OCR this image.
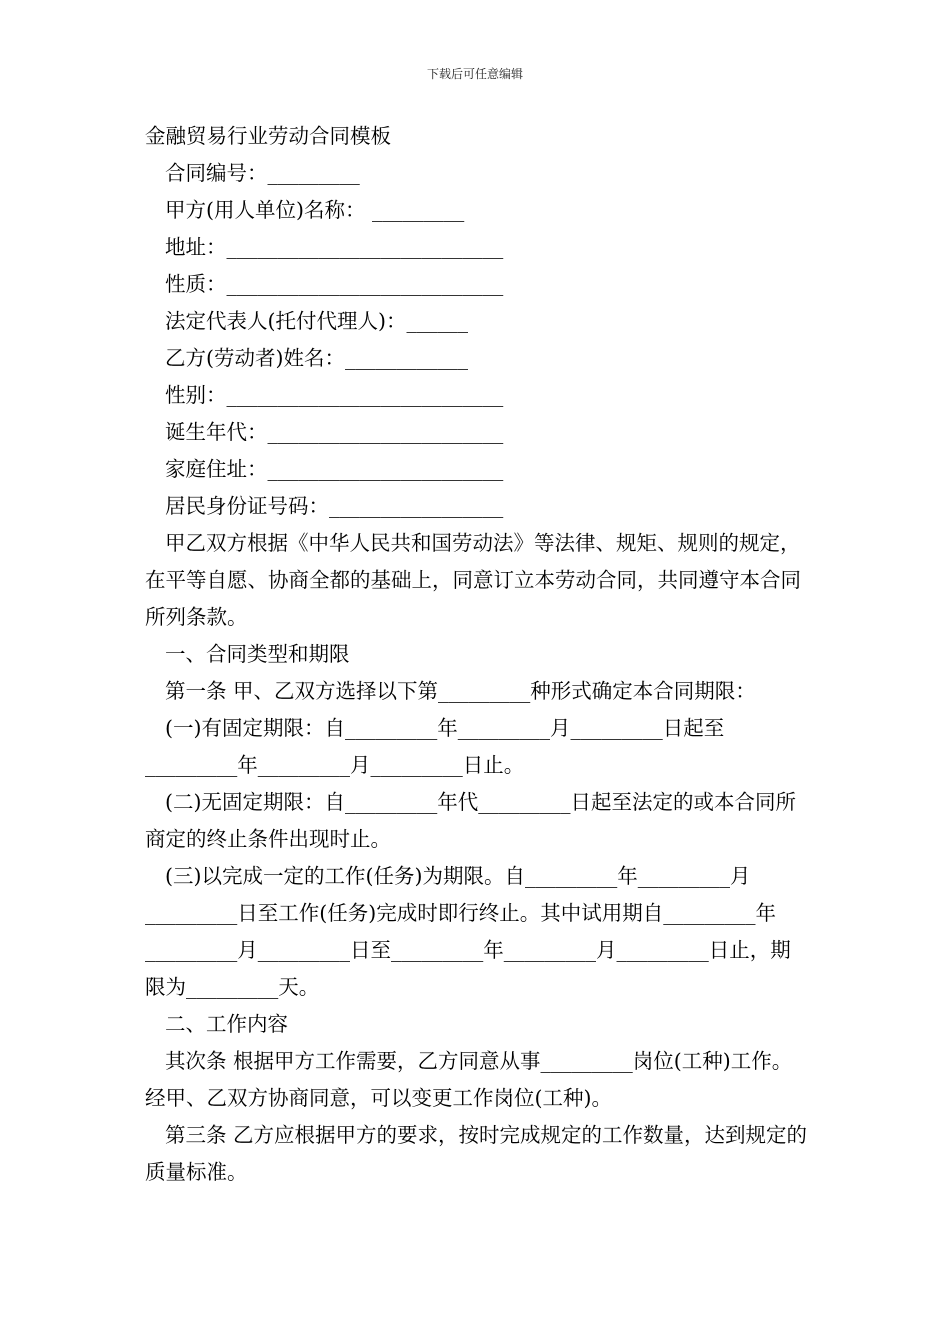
下载后可任意编辑

金融贸易行业劳动合同模板

合同编号：_________

甲方(用人单位)名称： _________

地址：___________________________

性质：___________________________

法定代表人(托付代理人)：______

乙方(劳动者)姓名：____________

性别：___________________________

诞生年代：_______________________

家庭住址：_______________________

居民身份证号码：_________________

甲乙双方根据《中华人民共和国劳动法》等法律、规矩、规则的规定，在平等自愿、协商全都的基础上，同意订立本劳动合同，共同遵守本合同所列条款。

一、合同类型和期限

第一条 甲、乙双方选择以下第_________种形式确定本合同期限：

(一)有固定期限：自_________年_________月_________日起至_________年_________月_________日止。

(二)无固定期限：自_________年代_________日起至法定的或本合同所商定的终止条件出现时止。

(三)以完成一定的工作(任务)为期限。自_________年_________月_________日至工作(任务)完成时即行终止。其中试用期自_________年_________月_________日至_________年_________月_________日止，期限为_________天。

二、工作内容

其次条 根据甲方工作需要，乙方同意从事_________岗位(工种)工作。经甲、乙双方协商同意，可以变更工作岗位(工种)。

第三条 乙方应根据甲方的要求，按时完成规定的工作数量，达到规定的质量标准。
